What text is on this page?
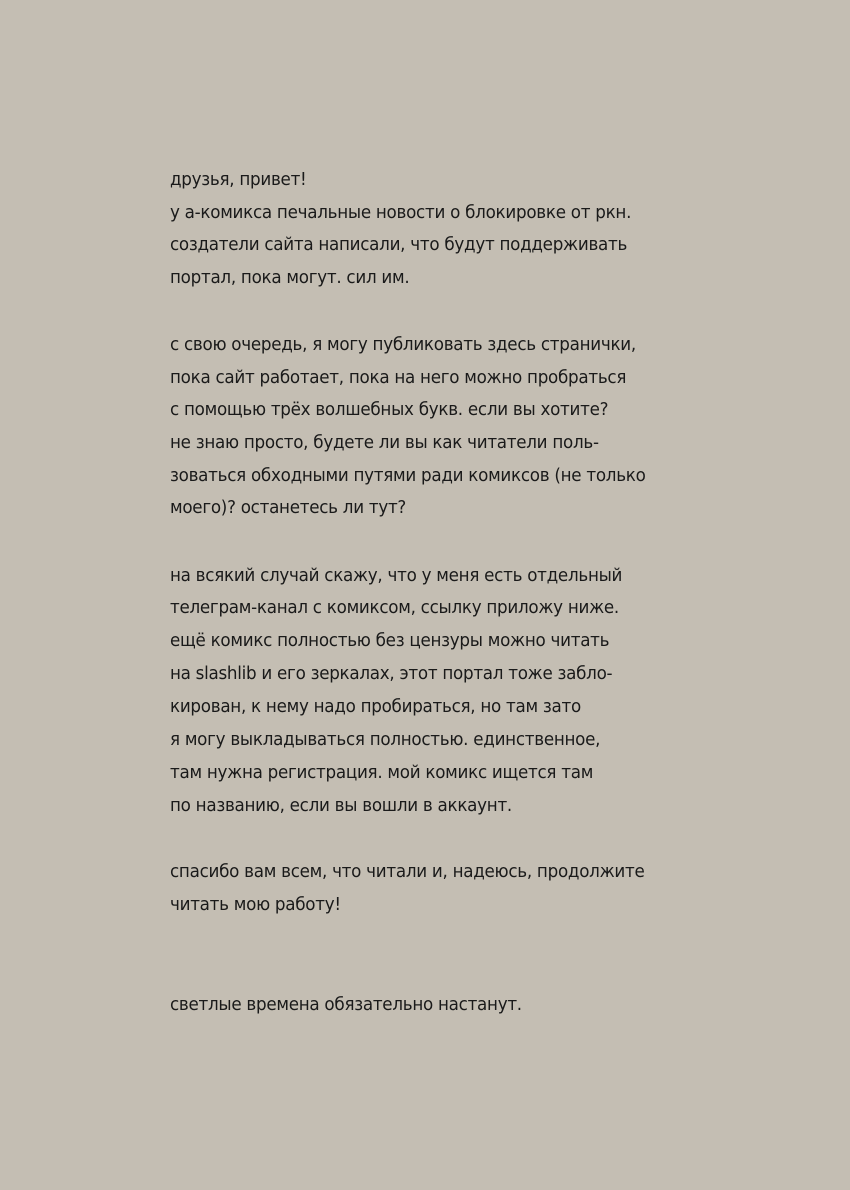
друзья, привет!
у а-комикса печальные новости о блокировке от ркн.
создатели сайта написали, что будут поддерживать
портал, пока могут. сил им.
с свою очередь, я могу публиковать здесь странички,
пока сайт работает, пока на него можно пробраться
с помощью трёх волшебных букв. если вы хотите?
не знаю просто, будете ли вы как читатели поль-
зоваться обходными путями ради комиксов (не только
моего)? останетесь ли тут?
на всякий случай скажу, что у меня есть отдельный
телеграм-канал с комиксом, ссылку приложу ниже.
ещё комикс полностью без цензуры можно читать
на slashlib и его зеркалах, этот портал тоже забло-
кирован, к нему надо пробираться, но там зато
я могу выкладываться полностью. единственное,
там нужна регистрация. мой комикс ищется там
по названию, если вы вошли в аккаунт.
спасибо вам всем, что читали и, надеюсь, продолжите
читать мою работу!
светлые времена обязательно настанут.
